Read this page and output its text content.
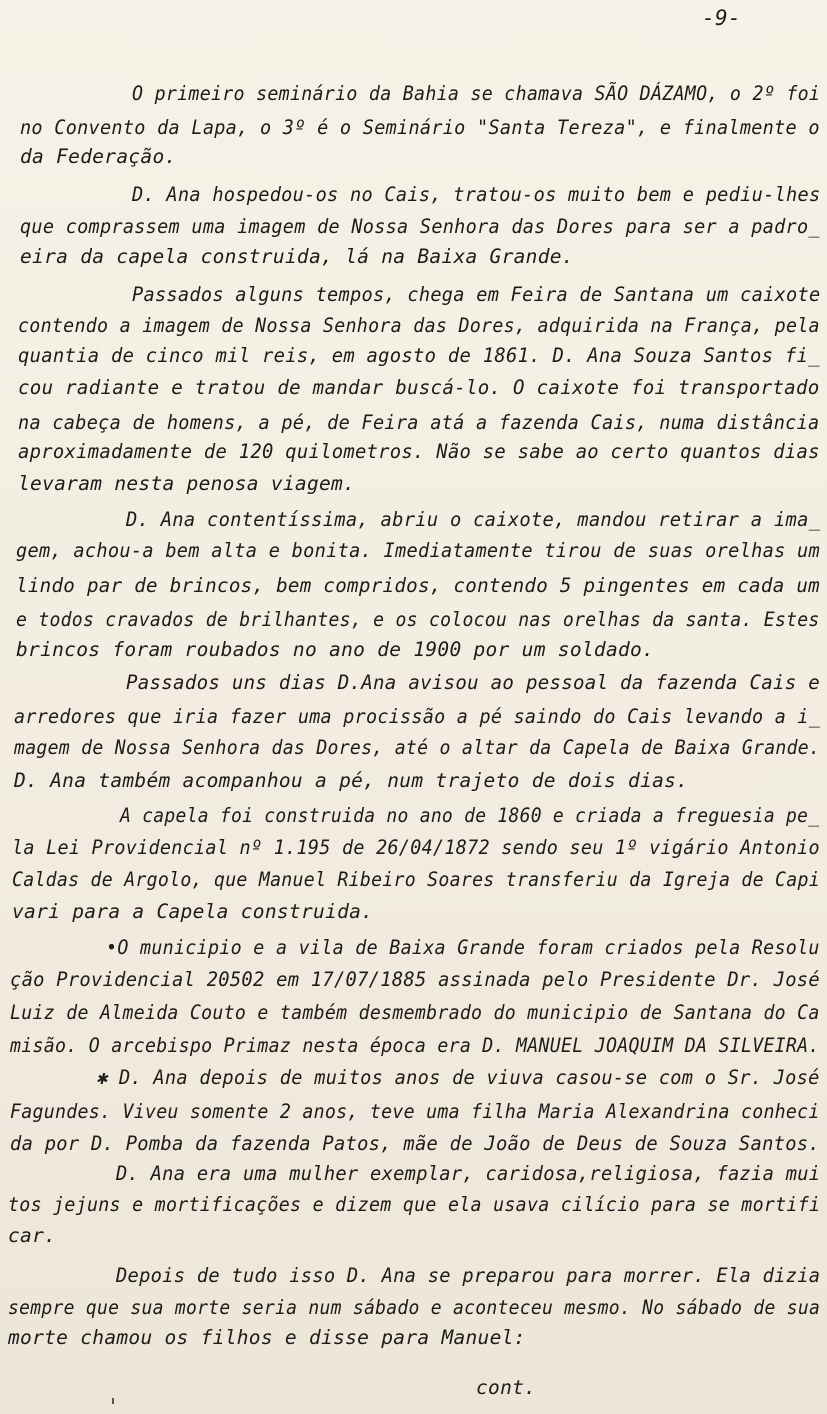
-9-
O primeiro seminário da Bahia se chamava SÃO DÁZAMO, o 2º foi
no Convento da Lapa, o 3º é o Seminário "Santa Tereza", e finalmente o
da Federação.
D. Ana hospedou-os no Cais, tratou-os muito bem e pediu-lhes
que comprassem uma imagem de Nossa Senhora das Dores para ser a padro_
eira da capela construida, lá na Baixa Grande.
Passados alguns tempos, chega em Feira de Santana um caixote
contendo a imagem de Nossa Senhora das Dores, adquirida na França, pela
quantia de cinco mil reis, em agosto de 1861. D. Ana Souza Santos fi_
cou radiante e tratou de mandar buscá-lo. O caixote foi transportado
na cabeça de homens, a pé, de Feira atá a fazenda Cais, numa distância
aproximadamente de 120 quilometros. Não se sabe ao certo quantos dias
levaram nesta penosa viagem.
D. Ana contentíssima, abriu o caixote, mandou retirar a ima_
gem, achou-a bem alta e bonita. Imediatamente tirou de suas orelhas um
lindo par de brincos, bem compridos, contendo 5 pingentes em cada um
e todos cravados de brilhantes, e os colocou nas orelhas da santa. Estes
brincos foram roubados no ano de 1900 por um soldado.
Passados uns dias D.Ana avisou ao pessoal da fazenda Cais e
arredores que iria fazer uma procissão a pé saindo do Cais levando a i_
magem de Nossa Senhora das Dores, até o altar da Capela de Baixa Grande.
D. Ana também acompanhou a pé, num trajeto de dois dias.
A capela foi construida no ano de 1860 e criada a freguesia pe_
la Lei Providencial nº 1.195 de 26/04/1872 sendo seu 1º vigário Antonio
Caldas de Argolo, que Manuel Ribeiro Soares transferiu da Igreja de Capi
vari para a Capela construida.
•O municipio e a vila de Baixa Grande foram criados pela Resolu
ção Providencial 20502 em 17/07/1885 assinada pelo Presidente Dr. José
Luiz de Almeida Couto e também desmembrado do municipio de Santana do Ca
misão. O arcebispo Primaz nesta época era D. MANUEL JOAQUIM DA SILVEIRA.
✱ D. Ana depois de muitos anos de viuva casou-se com o Sr. José
Fagundes. Viveu somente 2 anos, teve uma filha Maria Alexandrina conheci
da por D. Pomba da fazenda Patos, mãe de João de Deus de Souza Santos.
D. Ana era uma mulher exemplar, caridosa,religiosa, fazia mui
tos jejuns e mortificações e dizem que ela usava cilício para se mortifi
car.
Depois de tudo isso D. Ana se preparou para morrer. Ela dizia
sempre que sua morte seria num sábado e aconteceu mesmo. No sábado de sua
morte chamou os filhos e disse para Manuel:
cont.
